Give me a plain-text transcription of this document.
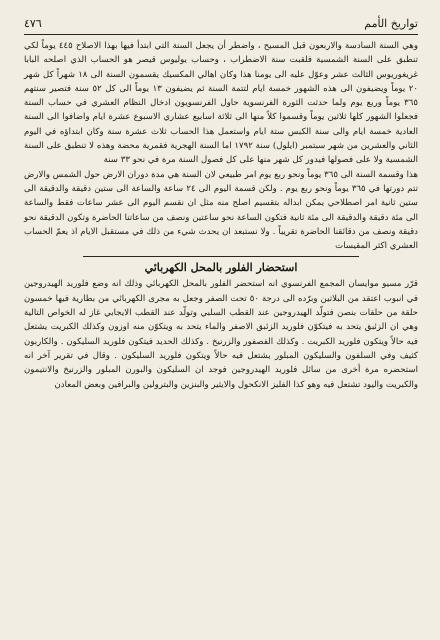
٤٧٦	تواريخ الأمم

وهي السنة السادسة والاربعون قبل المسيح ، واضطر أن يجعل السنة التي ابتدأ فيها بهذا الاصلاح ٤٤٥ يوماً لكي تنطبق على السنة الشمسية فلقبت سنة الاضطراب ، وحساب يوليوس قيصر هو الحساب الذي اصلحه البابا غريغوريوس الثالث عشر وعوّل عليه الى يومنا هذا وكان اهالي المكسيك يقسمون السنة الى ١٨ شهراً كل شهر ٢٠ يوماً ويضيفون الى هذه الشهور خمسة ايام لتتمة السنة ثم يضيفون ١٣ يوماً الى كل ٥٢ سنة فتصير سنتهم ٣٦٥ يوماً وربع يوم ولما حدثت الثورة الفرنسوية حاول الفرنسويون ادخال النظام العشري في حساب السنة فجعلوا الشهور كلها ثلاثين يوماً وقسموا كلاً منها الى ثلاثة اسابيع عشاري الاسبوع عشرة ايام واضافوا الى السنة العادية خمسة ايام والى سنة الكبس ستة ايام واستعمل هذا الحساب ثلاث عشرة سنة وكان ابتداؤه في اليوم الثاني والعشرين من شهر سبتمبر (ايلول) سنة ١٧٩٢ اما السنة الهجرية فقمرية محضة وهذه لا تنطبق على السنة الشمسية ولا على فصولها فيدور كل شهر منها على كل فصول السنة مرة في نحو ٣٣ سنة

هذا وقسمة السنة الى ٣٦٥ يوماً ونحو ربع يوم امر طبيعي لان السنة هي مدة دوران الارض حول الشمس والارض تتم دورتها في ٣٦٥ يوماً ونحو ربع يوم . ولكن قسمة اليوم الى ٢٤ ساعة والساعة الى ستين دقيقة والدقيقة الى ستين ثانية امر اصطلاحي يمكن ابداله بتقسيم اصلح منه مثل ان نقسم اليوم الى عشر ساعات فقط والساعة الى مئة دقيقة والدقيقة الى مئة ثانية فتكون الساعة نحو ساعتين ونصف من ساعاتنا الحاضرة وتكون الدقيقة نحو دقيقة ونصف من دقائقنا الحاضرة تقريباً . ولا نستبعد ان يحدث شيء من ذلك في مستقبل الايام اذ يعمّ الحساب العشري اكثر المقيسات

استحضار الفلور بالمحل الكهربائي

قرّر مسيو موايسان المجمع الفرنسوي انه استحضر الفلور بالمحل الكهربائي وذلك انه وضع فلوريد الهيدروجين في انبوب اعتقد من البلاتين وبرّده الى درجة ٥٠ تحت الصفر وجعل به مجرى الكهربائي من بطارية فيها خمسون حلقة من حلقات بنصن فتولّد الهيدروجين عند القطب السلبي وتولّد عند القطب الايجابي غاز له الخواص التالية وهي ان الزئبق يتحد به فيتكوّن فلوريد الزئبق الاصفر والماء يتحد به ويتكوّن منه اوزون وكذلك الكبريت يشتعل فيه حالاً ويتكون فلوريد الكبريت . وكذلك الفصفور والزرنيخ . وكذلك الحديد فيتكون فلوريد السليكون . والكاربون كثيف وفي السلفون والسليكون المبلور يشتعل فيه حالاً ويتكون فلوريد السليكون . وقال في تقرير آخر انه استحضره مرة أخرى من سائل فلوريد الهيدروجين فوجد ان السليكون والبورن المبلور والزرنيخ والانتيمون والكبريت واليود تشتعل فيه وهو كذا الفليز الانكحول والايثير والبنزين والبترولين والبرافين وبعض المعادن
